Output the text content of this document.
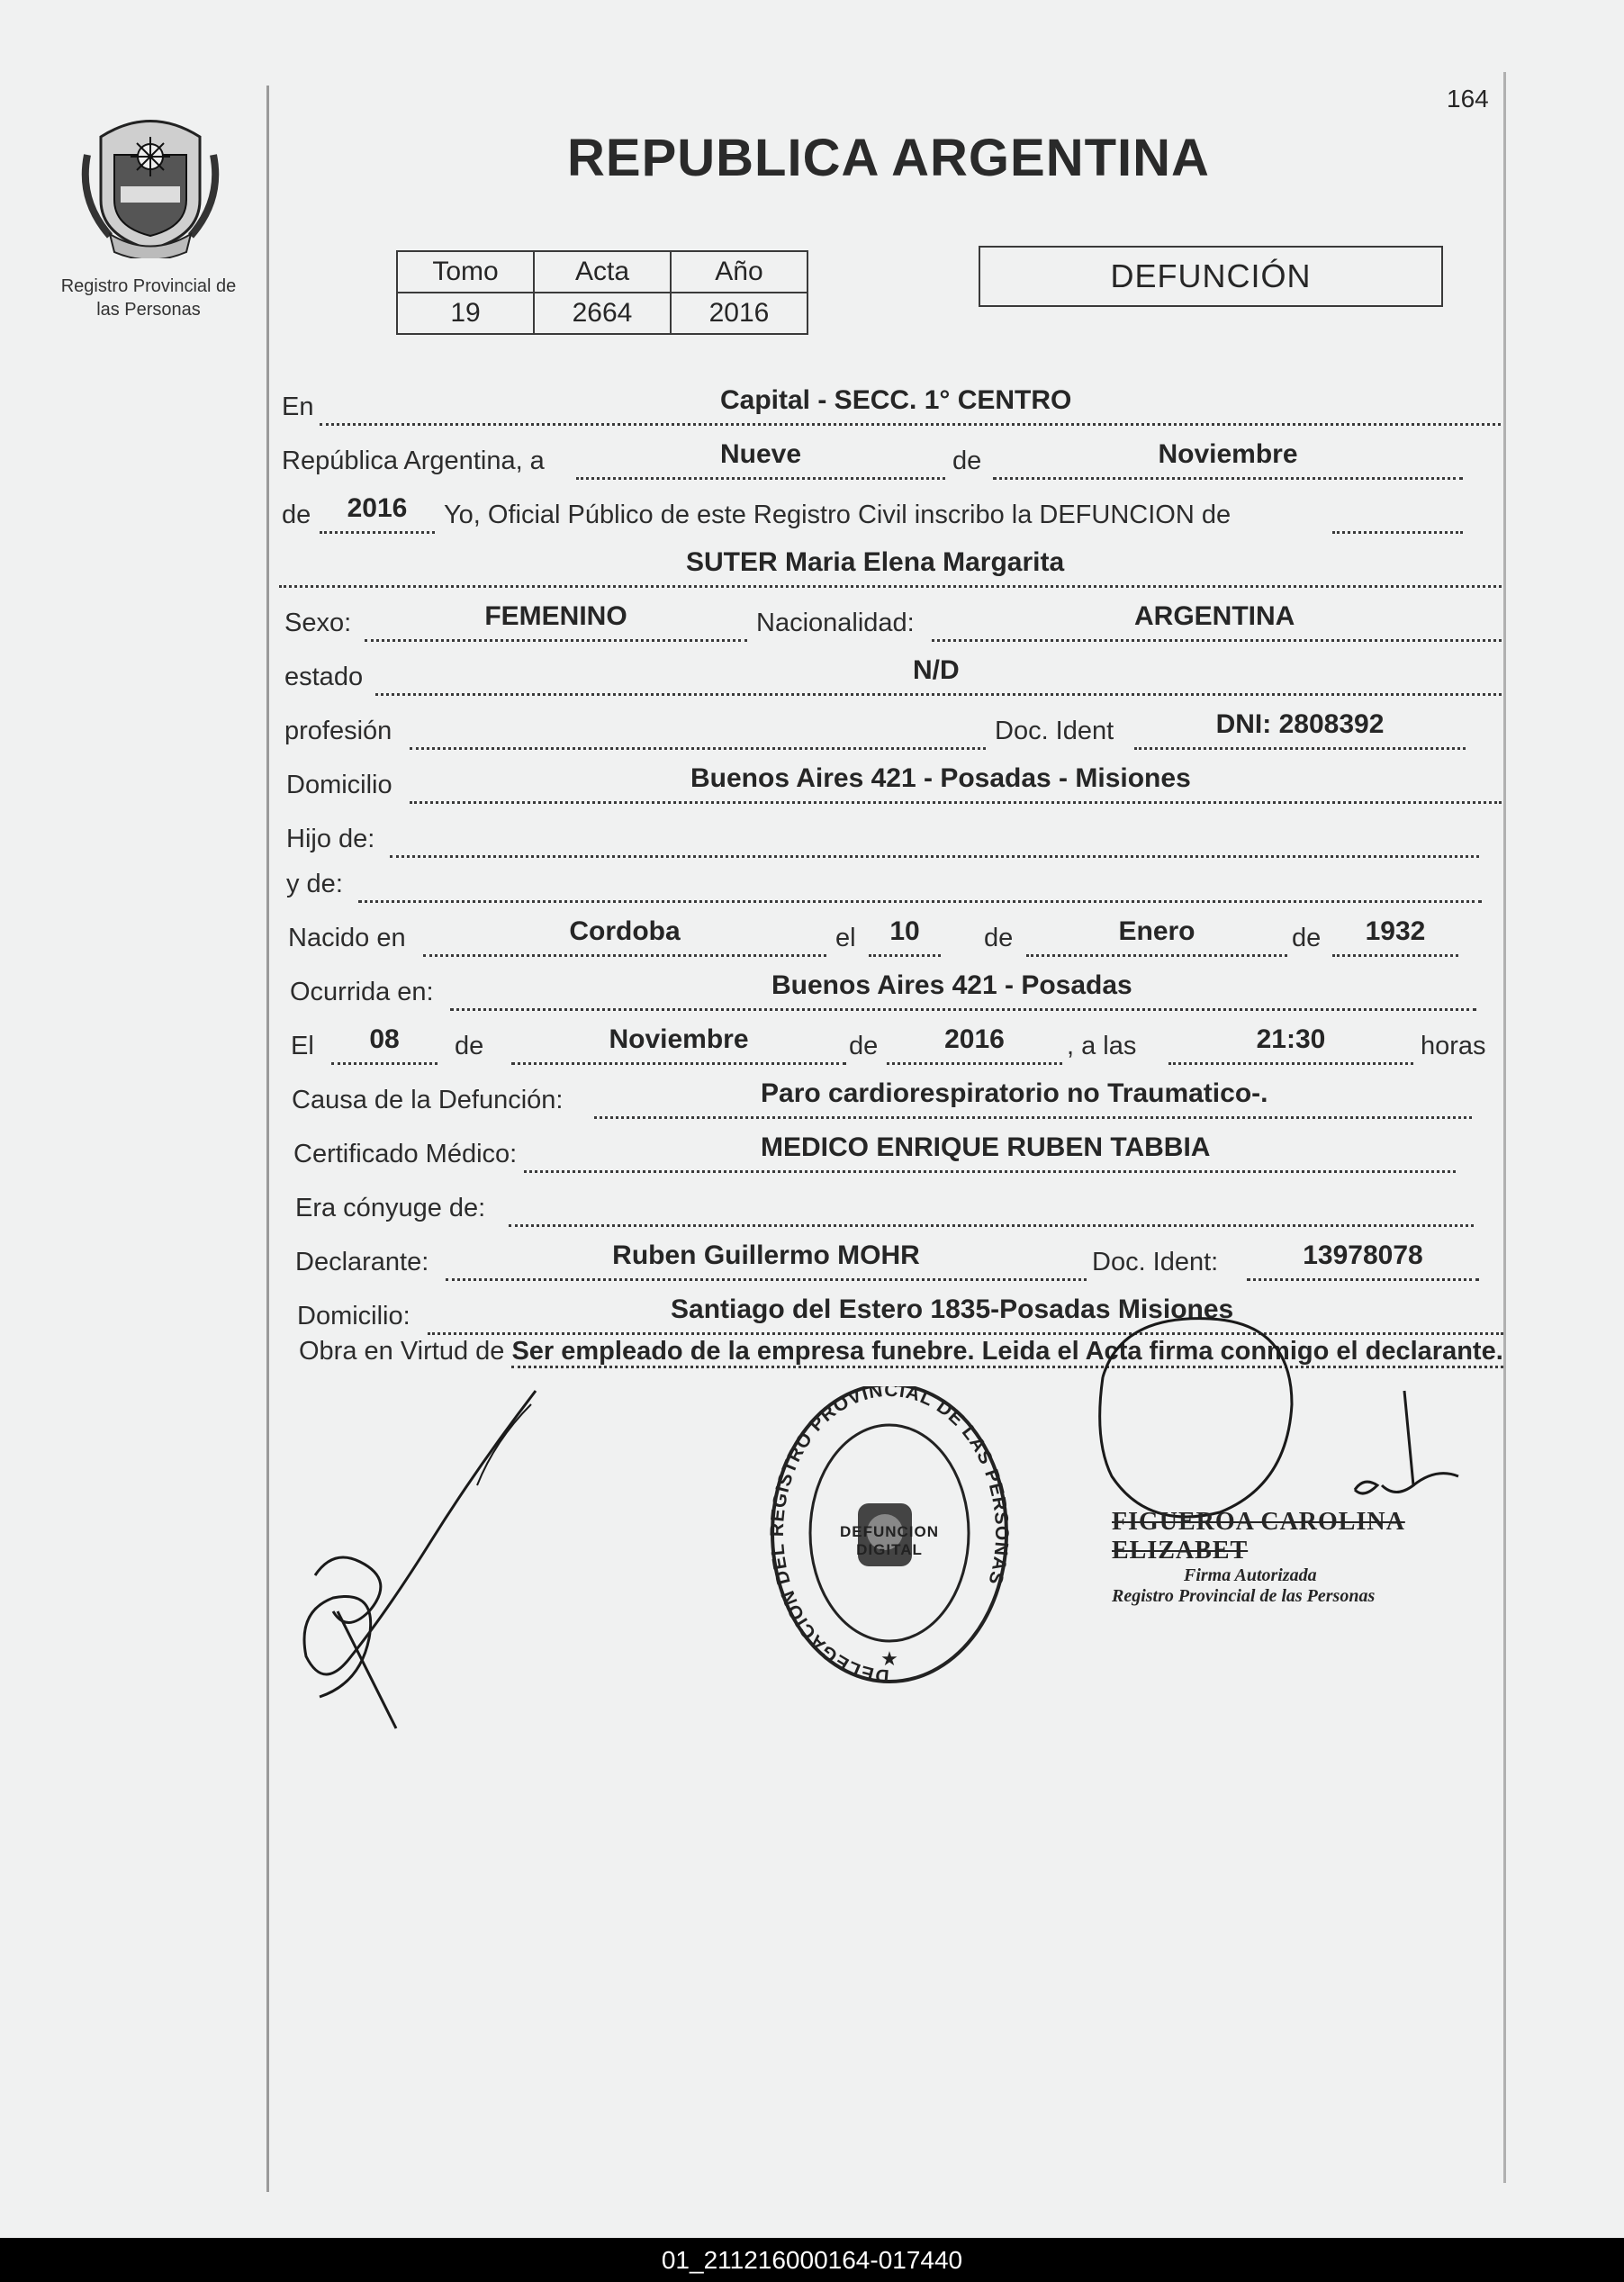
Registro Provincial de
las Personas
164
REPUBLICA ARGENTINA
Tomo	Acta	Año
19	2664	2016
DEFUNCIÓN
En	Capital - SECC. 1° CENTRO
República Argentina, a	Nueve	de	Noviembre
de	2016	Yo, Oficial Público de este Registro Civil inscribo la DEFUNCION de
SUTER Maria Elena Margarita
Sexo:	FEMENINO	Nacionalidad:	ARGENTINA
estado	N/D
profesión	Doc. Ident	DNI: 2808392
Domicilio	Buenos Aires 421 - Posadas - Misiones
Hijo de:
y de:
Nacido en	Cordoba	el	10	de	Enero	de	1932
Ocurrida en:	Buenos Aires 421 - Posadas
El	08	de	Noviembre	de	2016	, a las	21:30	horas
Causa de la Defunción:	Paro cardiorespiratorio no Traumatico-.
Certificado Médico:	MEDICO ENRIQUE RUBEN TABBIA
Era cónyuge de:
Declarante:	Ruben Guillermo MOHR	Doc. Ident:	13978078
Domicilio:	Santiago del Estero 1835-Posadas Misiones
Obra en Virtud de Ser empleado de la empresa funebre. Leida el Acta firma conmigo el declarante.
DELEGACION DEL REGISTRO PROVINCIAL DE LAS PERSONAS
★
DEFUNCION DIGITAL
FIGUEROA CAROLINA ELIZABET
Firma Autorizada
Registro Provincial de las Personas
01_211216000164-017440
